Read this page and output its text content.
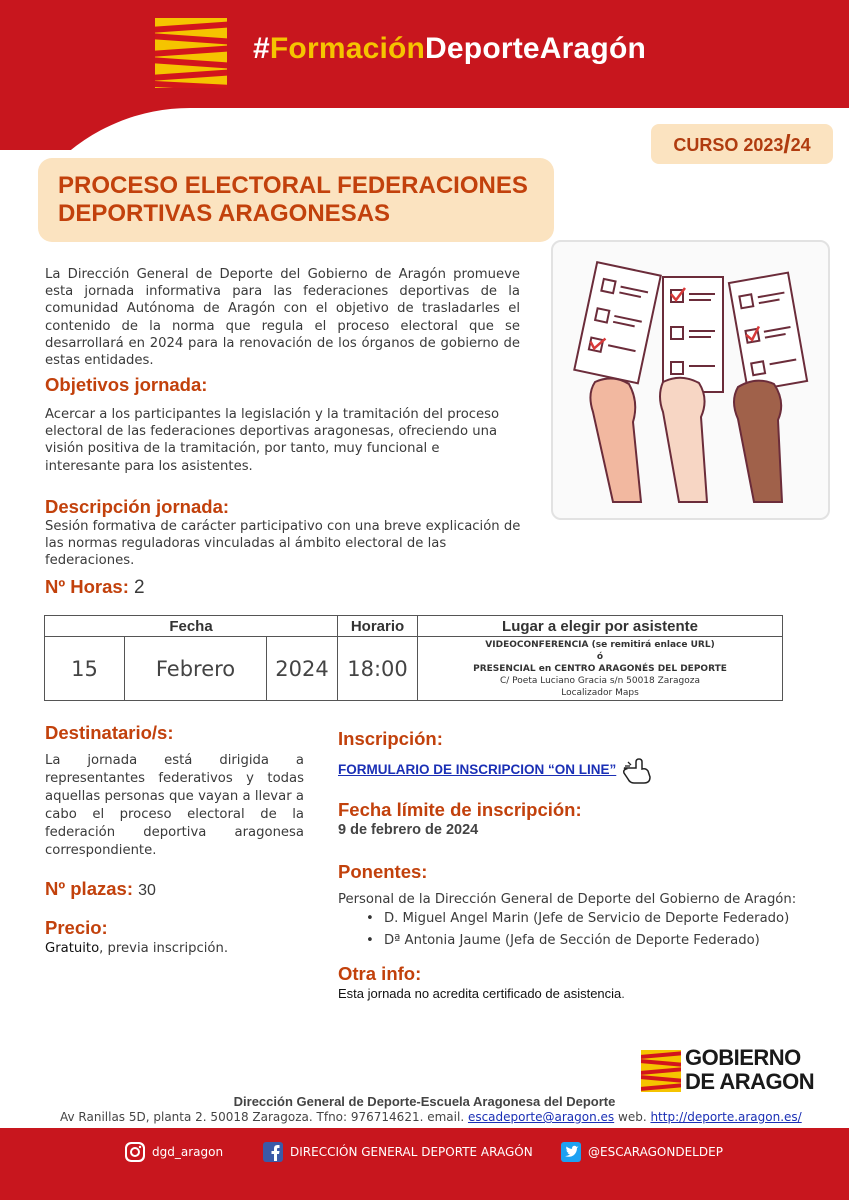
#FormaciónDeporteAragón
CURSO 2023/24
PROCESO ELECTORAL FEDERACIONES
DEPORTIVAS ARAGONESAS
La Dirección General de Deporte del Gobierno de Aragón promueve esta jornada informativa para las federaciones deportivas de la comunidad Autónoma de Aragón con el objetivo de trasladarles el contenido de la norma que regula el proceso electoral que se desarrollará en 2024 para la renovación de los órganos de gobierno de estas entidades.
Objetivos jornada:
Acercar a los participantes la legislación y la tramitación del proceso electoral de las federaciones deportivas aragonesas, ofreciendo una visión positiva de la tramitación, por tanto, muy funcional e interesante para los asistentes.
Descripción jornada:
Sesión formativa de carácter participativo con una breve explicación de las normas reguladoras vinculadas al ámbito electoral de las federaciones.
Nº Horas: 2
Fecha			Horario	Lugar a elegir por asistente
15	Febrero	2024	18:00	VIDEOCONFERENCIA (se remitirá enlace URL)
ó
PRESENCIAL en CENTRO ARAGONÉS DEL DEPORTE
C/ Poeta Luciano Gracia s/n 50018 Zaragoza
Localizador Maps
Destinatario/s:
La jornada está dirigida a representantes federativos y todas aquellas personas que vayan a llevar a cabo el proceso electoral de la federación deportiva aragonesa correspondiente.
Nº plazas: 30
Precio:
Gratuito, previa inscripción.
Inscripción:
FORMULARIO DE INSCRIPCION “ON LINE”
Fecha límite de inscripción:
9 de febrero de 2024
Ponentes:
Personal de la Dirección General de Deporte del Gobierno de Aragón:
• D. Miguel Angel Marin (Jefe de Servicio de Deporte Federado)
• Dª Antonia Jaume (Jefa de Sección de Deporte Federado)
Otra info:
Esta jornada no acredita certificado de asistencia.
GOBIERNO
DE ARAGON
Dirección General de Deporte-Escuela Aragonesa del Deporte
Av Ranillas 5D, planta 2. 50018 Zaragoza. Tfno: 976714621. email. escadeporte@aragon.es web. http://deporte.aragon.es/
dgd_aragon	DIRECCIÓN GENERAL DEPORTE ARAGÓN	@ESCARAGONDELDEP
